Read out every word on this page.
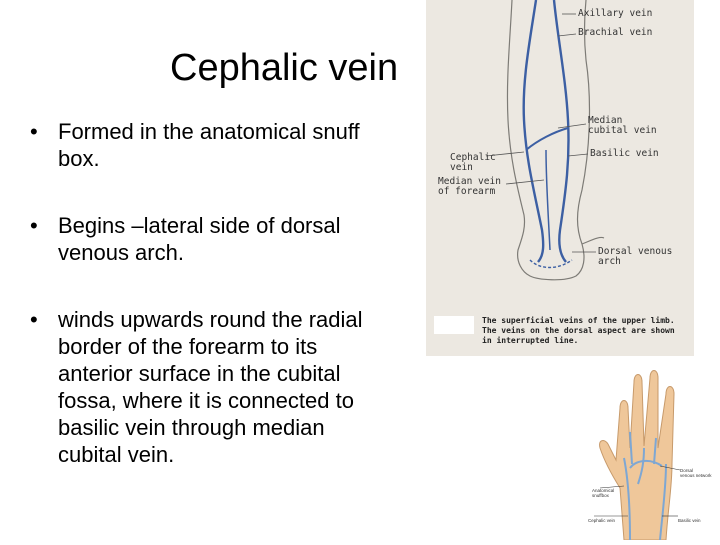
Cephalic vein
• Formed in the anatomical snuff box.
• Begins –lateral side of dorsal venous arch.
• winds upwards round the radial border of the forearm to its anterior surface in the cubital fossa, where it is connected to basilic vein through median cubital vein.
Axillary vein
Brachial vein
Median
cubital vein
Basilic vein
Cephalic
vein
Median vein
of forearm
Dorsal venous
arch
The superficial veins of the upper limb. The veins on the dorsal aspect are shown in interrupted line.
Dorsal
venous network
Anatomical
snuffbox
Cephalic vein	Basilic vein
